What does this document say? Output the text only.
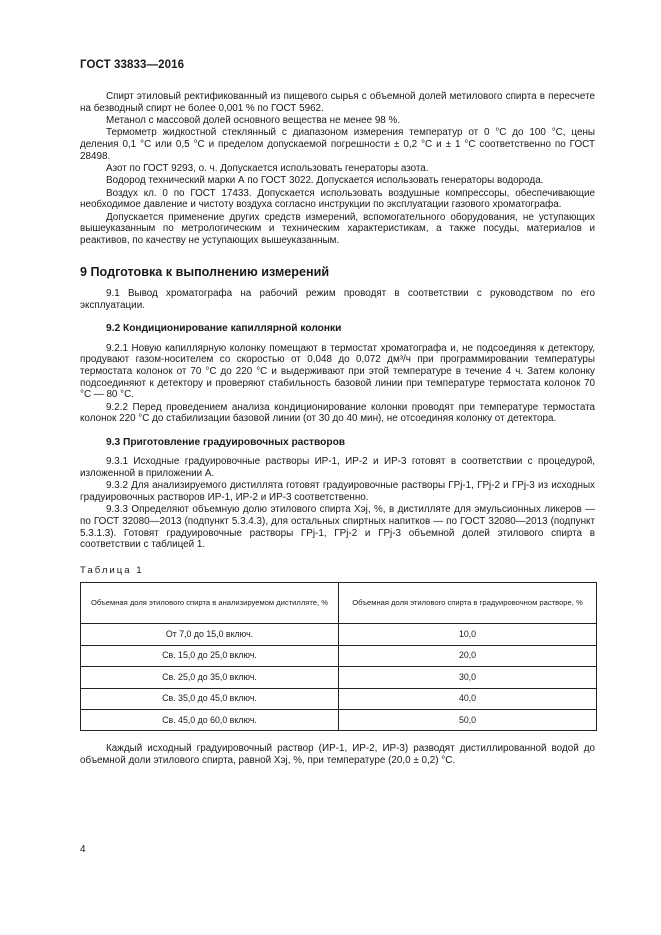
ГОСТ 33833—2016

Спирт этиловый ректификованный из пищевого сырья с объемной долей метилового спирта в пересчете на безводный спирт не более 0,001 % по ГОСТ 5962.

Метанол с массовой долей основного вещества не менее 98 %.

Термометр жидкостной стеклянный с диапазоном измерения температур от 0 °С до 100 °С, цены деления 0,1 °С или 0,5 °С и пределом допускаемой погрешности ± 0,2 °С и ± 1 °С соответственно по ГОСТ 28498.

Азот по ГОСТ 9293, о. ч. Допускается использовать генераторы азота.

Водород технический марки А по ГОСТ 3022. Допускается использовать генераторы водорода.

Воздух кл. 0 по ГОСТ 17433. Допускается использовать воздушные компрессоры, обеспечивающие необходимое давление и чистоту воздуха согласно инструкции по эксплуатации газового хроматографа.

Допускается применение других средств измерений, вспомогательного оборудования, не уступающих вышеуказанным по метрологическим и техническим характеристикам, а также посуды, материалов и реактивов, по качеству не уступающих вышеуказанным.

9 Подготовка к выполнению измерений

9.1 Вывод хроматографа на рабочий режим проводят в соответствии с руководством по его эксплуатации.

9.2 Кондиционирование капиллярной колонки

9.2.1 Новую капиллярную колонку помещают в термостат хроматографа и, не подсоединяя к детектору, продувают газом-носителем со скоростью от 0,048 до 0,072 дм³/ч при программировании температуры термостата колонок от 70 °С до 220 °С и выдерживают при этой температуре в течение 4 ч. Затем колонку подсоединяют к детектору и проверяют стабильность базовой линии при температуре термостата колонок 70 °С — 80 °С.

9.2.2 Перед проведением анализа кондиционирование колонки проводят при температуре термостата колонок 220 °С до стабилизации базовой линии (от 30 до 40 мин), не отсоединяя колонку от детектора.

9.3 Приготовление градуировочных растворов

9.3.1 Исходные градуировочные растворы ИР-1, ИР-2 и ИР-3 готовят в соответствии с процедурой, изложенной в приложении А.

9.3.2 Для анализируемого дистиллята готовят градуировочные растворы ГРj-1, ГРj-2 и ГРj-3 из исходных градуировочных растворов ИР-1, ИР-2 и ИР-3 соответственно.

9.3.3 Определяют объемную долю этилового спирта Xэj, %, в дистилляте для эмульсионных ликеров — по ГОСТ 32080—2013 (подпункт 5.3.4.3), для остальных спиртных напитков — по ГОСТ 32080—2013 (подпункт 5.3.1.3). Готовят градуировочные растворы ГРj-1, ГРj-2 и ГРj-3 объемной долей этилового спирта в соответствии с таблицей 1.

Таблица 1
Объемная доля этилового спирта в анализируемом дистилляте, %	Объемная доля этилового спирта в градуировочном растворе, %
От 7,0 до 15,0 включ.	10,0
Св. 15,0 до 25,0 включ.	20,0
Св. 25,0 до 35,0 включ.	30,0
Св. 35,0 до 45,0 включ.	40,0
Св. 45,0 до 60,0 включ.	50,0

Каждый исходный градуировочный раствор (ИР-1, ИР-2, ИР-3) разводят дистиллированной водой до объемной доли этилового спирта, равной Xэj, %, при температуре (20,0 ± 0,2) °С.

4
